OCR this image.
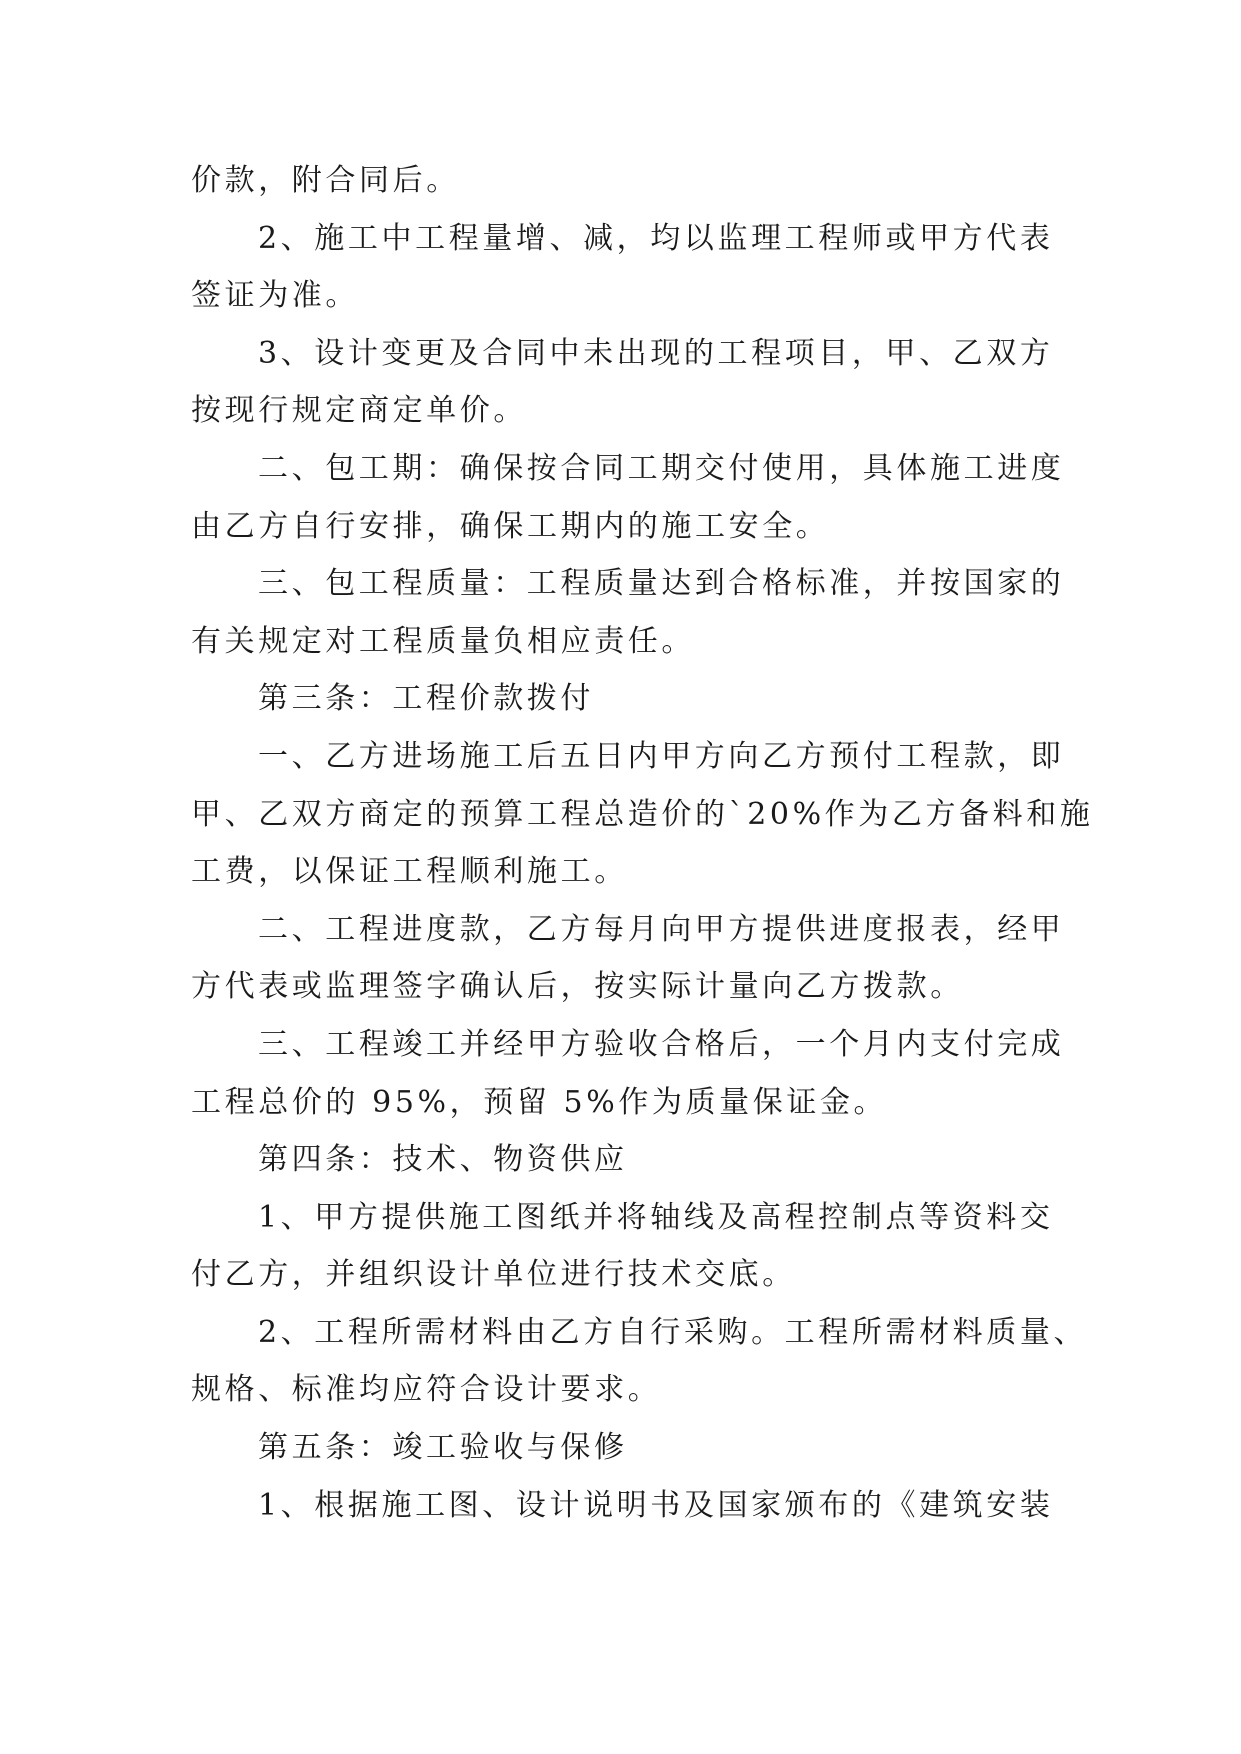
价款，附合同后。
2、施工中工程量增、减，均以监理工程师或甲方代表
签证为准。
3、设计变更及合同中未出现的工程项目，甲、乙双方
按现行规定商定单价。
二、包工期：确保按合同工期交付使用，具体施工进度
由乙方自行安排，确保工期内的施工安全。
三、包工程质量：工程质量达到合格标准，并按国家的
有关规定对工程质量负相应责任。
第三条：工程价款拨付
一、乙方进场施工后五日内甲方向乙方预付工程款，即
甲、乙双方商定的预算工程总造价的`20%作为乙方备料和施
工费，以保证工程顺利施工。
二、工程进度款，乙方每月向甲方提供进度报表，经甲
方代表或监理签字确认后，按实际计量向乙方拨款。
三、工程竣工并经甲方验收合格后，一个月内支付完成
工程总价的 95%，预留 5%作为质量保证金。
第四条：技术、物资供应
1、甲方提供施工图纸并将轴线及高程控制点等资料交
付乙方，并组织设计单位进行技术交底。
2、工程所需材料由乙方自行采购。工程所需材料质量、
规格、标准均应符合设计要求。
第五条：竣工验收与保修
1、根据施工图、设计说明书及国家颁布的《建筑安装
